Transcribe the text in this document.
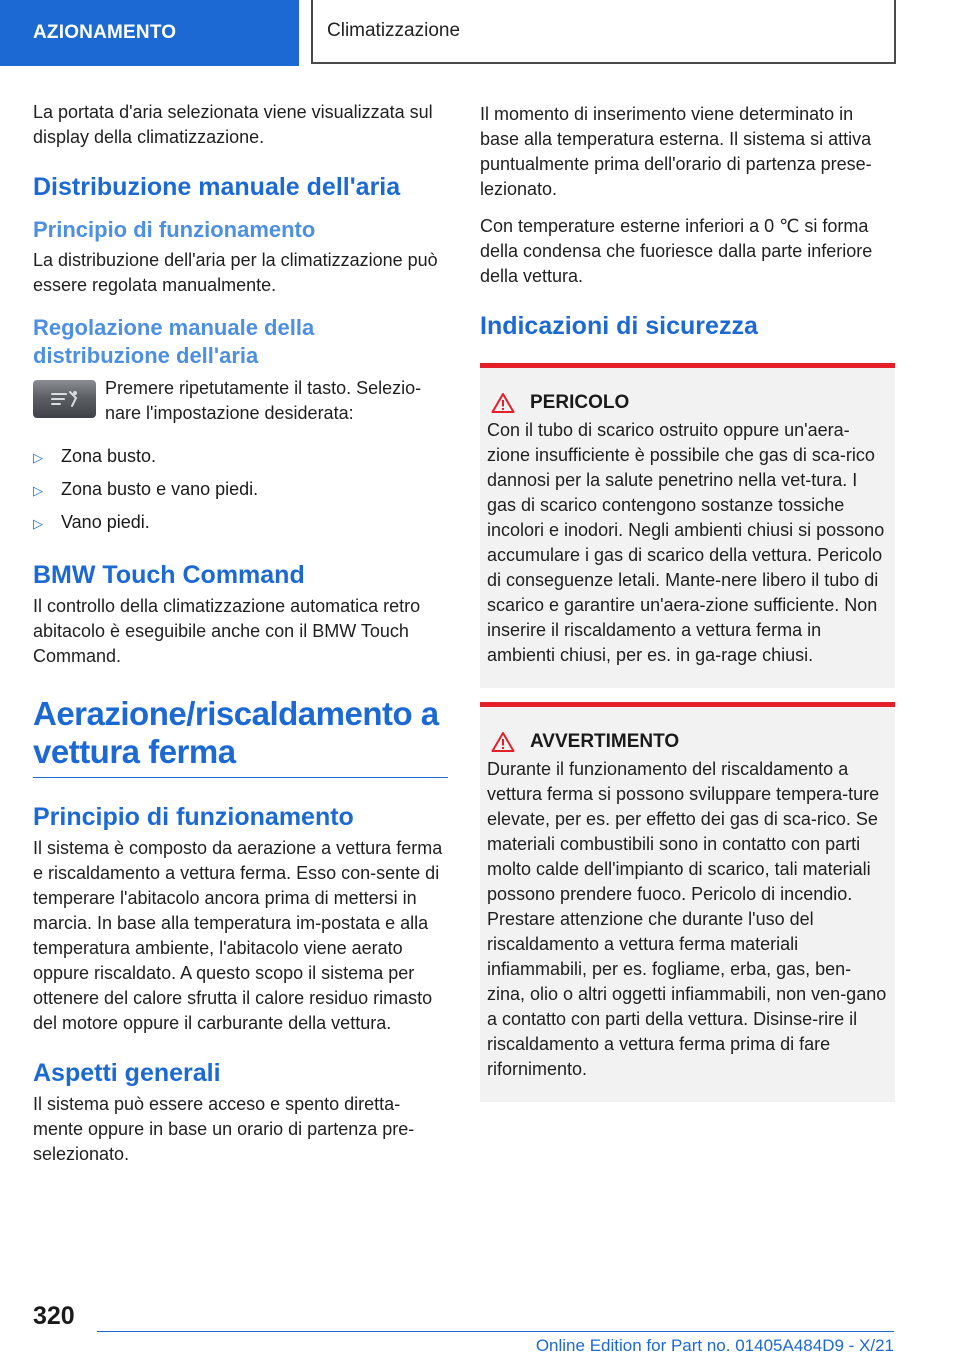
AZIONAMENTO	Climatizzazione

La portata d'aria selezionata viene visualizzata sul display della climatizzazione.

Distribuzione manuale dell'aria
Principio di funzionamento

La distribuzione dell'aria per la climatizzazione può essere regolata manualmente.

Regolazione manuale della distribuzione dell'aria

Premere ripetutamente il tasto. Selezio-nare l'impostazione desiderata:

▷	Zona busto.
▷	Zona busto e vano piedi.
▷	Vano piedi.
BMW Touch Command

Il controllo della climatizzazione automatica retro abitacolo è eseguibile anche con il BMW Touch Command.

Aerazione/riscaldamento a vettura ferma
Principio di funzionamento

Il sistema è composto da aerazione a vettura ferma e riscaldamento a vettura ferma. Esso con-sente di temperare l'abitacolo ancora prima di mettersi in marcia. In base alla temperatura im-postata e alla temperatura ambiente, l'abitacolo viene aerato oppure riscaldato. A questo scopo il sistema per ottenere del calore sfrutta il calore residuo rimasto del motore oppure il carburante della vettura.

Aspetti generali

Il sistema può essere acceso e spento diretta-mente oppure in base un orario di partenza pre-selezionato.

Il momento di inserimento viene determinato in base alla temperatura esterna. Il sistema si attiva puntualmente prima dell'orario di partenza prese-lezionato.

Con temperature esterne inferiori a 0 ℃ si forma della condensa che fuoriesce dalla parte inferiore della vettura.

Indicazioni di sicurezza
PERICOLO

Con il tubo di scarico ostruito oppure un'aera-zione insufficiente è possibile che gas di sca-rico dannosi per la salute penetrino nella vet-tura. I gas di scarico contengono sostanze tossiche incolori e inodori. Negli ambienti chiusi si possono accumulare i gas di scarico della vettura. Pericolo di conseguenze letali. Mante-nere libero il tubo di scarico e garantire un'aera-zione sufficiente. Non inserire il riscaldamento a vettura ferma in ambienti chiusi, per es. in ga-rage chiusi.

AVVERTIMENTO

Durante il funzionamento del riscaldamento a vettura ferma si possono sviluppare tempera-ture elevate, per es. per effetto dei gas di sca-rico. Se materiali combustibili sono in contatto con parti molto calde dell'impianto di scarico, tali materiali possono prendere fuoco. Pericolo di incendio. Prestare attenzione che durante l'uso del riscaldamento a vettura ferma materiali infiammabili, per es. fogliame, erba, gas, ben-zina, olio o altri oggetti infiammabili, non ven-gano a contatto con parti della vettura. Disinse-rire il riscaldamento a vettura ferma prima di fare rifornimento.

320
Online Edition for Part no. 01405A484D9 - X/21
